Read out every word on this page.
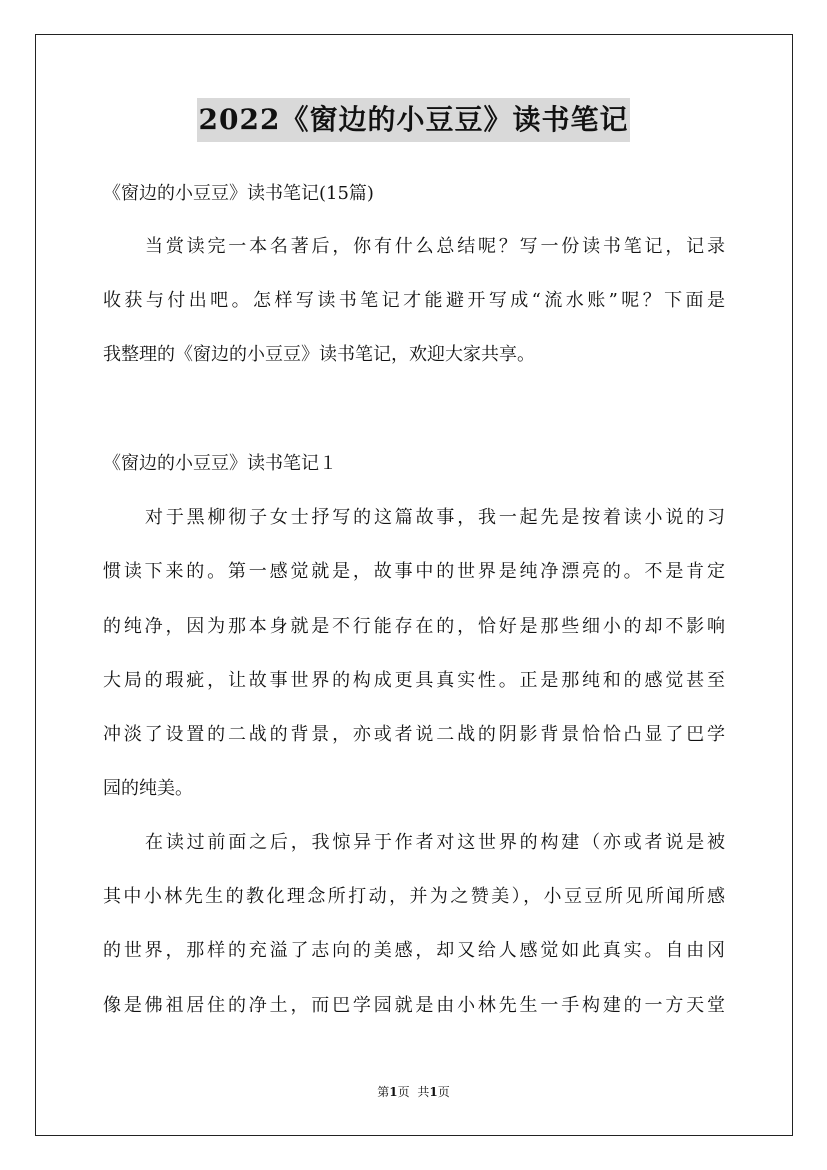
2022《窗边的小豆豆》读书笔记
《窗边的小豆豆》读书笔记(15篇)
当赏读完一本名著后，你有什么总结呢？写一份读书笔记，记录
收获与付出吧。怎样写读书笔记才能避开写成“流水账”呢？下面是
我整理的《窗边的小豆豆》读书笔记，欢迎大家共享。
《窗边的小豆豆》读书笔记１
对于黑柳彻子女士抒写的这篇故事，我一起先是按着读小说的习
惯读下来的。第一感觉就是，故事中的世界是纯净漂亮的。不是肯定
的纯净，因为那本身就是不行能存在的，恰好是那些细小的却不影响
大局的瑕疵，让故事世界的构成更具真实性。正是那纯和的感觉甚至
冲淡了设置的二战的背景，亦或者说二战的阴影背景恰恰凸显了巴学
园的纯美。
在读过前面之后，我惊异于作者对这世界的构建（亦或者说是被
其中小林先生的教化理念所打动，并为之赞美），小豆豆所见所闻所感
的世界，那样的充溢了志向的美感，却又给人感觉如此真实。自由冈
像是佛祖居住的净土，而巴学园就是由小林先生一手构建的一方天堂
第1页 共1页
